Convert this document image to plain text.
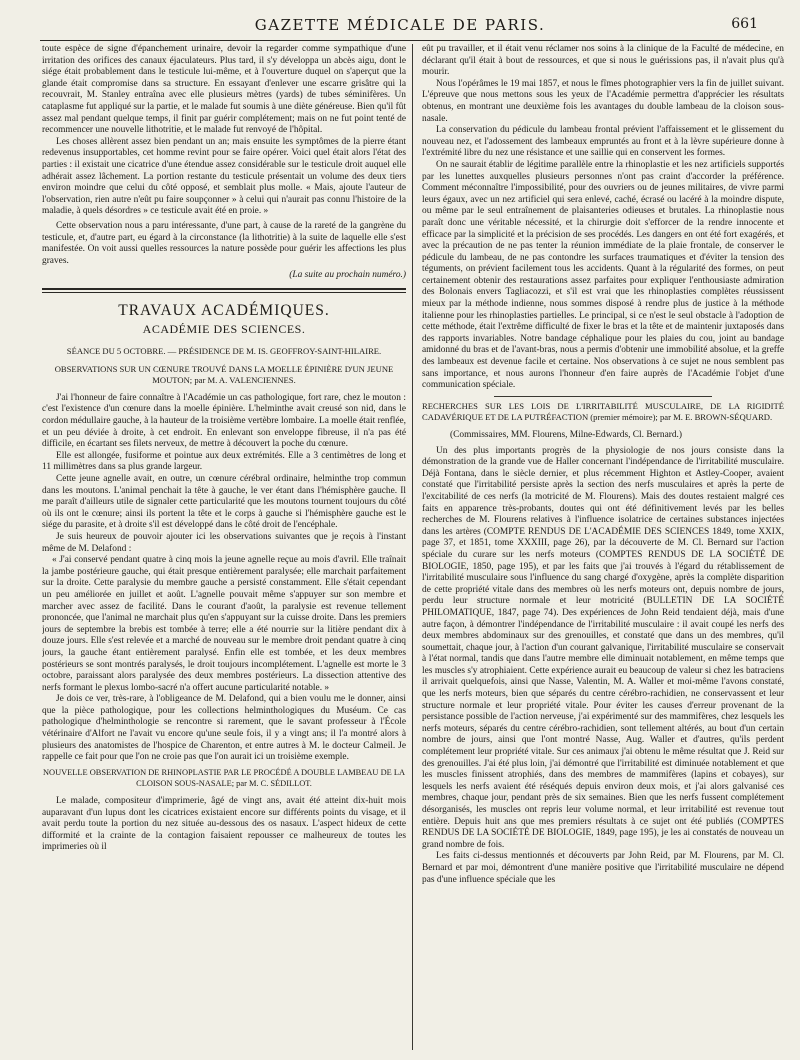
GAZETTE MÉDICALE DE PARIS.	661

toute espèce de signe d'épanchement urinaire, devoir la regarder comme sympathique d'une irritation des orifices des canaux éjaculateurs. Plus tard, il s'y développa un abcès aigu, dont le siége était probablement dans le testicule lui-même, et à l'ouverture duquel on s'aperçut que la glande était compromise dans sa structure. En essayant d'enlever une escarre grisâtre qui la recouvrait, M. Stanley entraîna avec elle plusieurs mètres (yards) de tubes séminifères. Un cataplasme fut appliqué sur la partie, et le malade fut soumis à une diète généreuse. Bien qu'il fût assez mal pendant quelque temps, il finit par guérir complétement; mais on ne fut point tenté de recommencer une nouvelle lithotritie, et le malade fut renvoyé de l'hôpital.

Les choses allèrent assez bien pendant un an; mais ensuite les symptômes de la pierre étant redevenus insupportables, cet homme revint pour se faire opérer. Voici quel était alors l'état des parties : il existait une cicatrice d'une étendue assez considérable sur le testicule droit auquel elle adhérait assez lâchement. La portion restante du testicule présentait un volume des deux tiers environ moindre que celui du côté opposé, et semblait plus molle. « Mais, ajoute l'auteur de l'observation, rien autre n'eût pu faire soupçonner » à celui qui n'aurait pas connu l'histoire de la maladie, à quels désordres » ce testicule avait été en proie. »

Cette observation nous a paru intéressante, d'une part, à cause de la rareté de la gangrène du testicule, et, d'autre part, eu égard à la circonstance (la lithotritie) à la suite de laquelle elle s'est manifestée. On voit aussi quelles ressources la nature possède pour guérir les affections les plus graves.

(La suite au prochain numéro.)
TRAVAUX ACADÉMIQUES.
ACADÉMIE DES SCIENCES.
SÉANCE DU 5 OCTOBRE. — PRÉSIDENCE DE M. IS. GEOFFROY-SAINT-HILAIRE.

OBSERVATIONS SUR UN CŒNURE TROUVÉ DANS LA MOELLE ÉPINIÈRE D'UN JEUNE MOUTON; par M. A. VALENCIENNES.

J'ai l'honneur de faire connaître à l'Académie un cas pathologique, fort rare, chez le mouton : c'est l'existence d'un cœnure dans la moelle épinière. L'helminthe avait creusé son nid, dans le cordon médullaire gauche, à la hauteur de la troisième vertèbre lombaire. La moelle était renflée, et un peu déviée à droite, à cet endroit. En enlevant son enveloppe fibreuse, il n'a pas été difficile, en écartant ses filets nerveux, de mettre à découvert la poche du cœnure.

Elle est allongée, fusiforme et pointue aux deux extrémités. Elle a 3 centimètres de long et 11 millimètres dans sa plus grande largeur.

Cette jeune agnelle avait, en outre, un cœnure cérébral ordinaire, helminthe trop commun dans les moutons. L'animal penchait la tête à gauche, le ver étant dans l'hémisphère gauche. Il me paraît d'ailleurs utile de signaler cette particularité que les moutons tournent toujours du côté où ils ont le cœnure; ainsi ils portent la tête et le corps à gauche si l'hémisphère gauche est le siége du parasite, et à droite s'il est développé dans le côté droit de l'encéphale.

Je suis heureux de pouvoir ajouter ici les observations suivantes que je reçois à l'instant même de M. Delafond :

« J'ai conservé pendant quatre à cinq mois la jeune agnelle reçue au mois d'avril. Elle traînait la jambe postérieure gauche, qui était presque entièrement paralysée; elle marchait parfaitement sur la droite. Cette paralysie du membre gauche a persisté constamment. Elle s'était cependant un peu améliorée en juillet et août. L'agnelle pouvait même s'appuyer sur son membre et marcher avec assez de facilité. Dans le courant d'août, la paralysie est revenue tellement prononcée, que l'animal ne marchait plus qu'en s'appuyant sur la cuisse droite. Dans les premiers jours de septembre la brebis est tombée à terre; elle a été nourrie sur la litière pendant dix à douze jours. Elle s'est relevée et a marché de nouveau sur le membre droit pendant quatre à cinq jours, la gauche étant entièrement paralysé. Enfin elle est tombée, et les deux membres postérieurs se sont montrés paralysés, le droit toujours incomplétement. L'agnelle est morte le 3 octobre, paraissant alors paralysée des deux membres postérieurs. La dissection attentive des nerfs formant le plexus lombo-sacré n'a offert aucune particularité notable. »

Je dois ce ver, très-rare, à l'obligeance de M. Delafond, qui a bien voulu me le donner, ainsi que la pièce pathologique, pour les collections helminthologiques du Muséum. Ce cas pathologique d'helminthologie se rencontre si rarement, que le savant professeur à l'École vétérinaire d'Alfort ne l'avait vu encore qu'une seule fois, il y a vingt ans; il l'a montré alors à plusieurs des anatomistes de l'hospice de Charenton, et entre autres à M. le docteur Calmeil. Je rappelle ce fait pour que l'on ne croie pas que l'on aurait ici un troisième exemple.

NOUVELLE OBSERVATION DE RHINOPLASTIE PAR LE PROCÉDÉ A DOUBLE LAMBEAU DE LA CLOISON SOUS-NASALE; par M. C. SÉDILLOT.

Le malade, compositeur d'imprimerie, âgé de vingt ans, avait été atteint dix-huit mois auparavant d'un lupus dont les cicatrices existaient encore sur différents points du visage, et il avait perdu toute la portion du nez située au-dessous des os nasaux. L'aspect hideux de cette difformité et la crainte de la contagion faisaient repousser ce malheureux de toutes les imprimeries où il

eût pu travailler, et il était venu réclamer nos soins à la clinique de la Faculté de médecine, en déclarant qu'il était à bout de ressources, et que si nous le guérissions pas, il n'avait plus qu'à mourir.

Nous l'opérâmes le 19 mai 1857, et nous le fîmes photographier vers la fin de juillet suivant. L'épreuve que nous mettons sous les yeux de l'Académie permettra d'apprécier les résultats obtenus, en montrant une deuxième fois les avantages du double lambeau de la cloison sous-nasale.

La conservation du pédicule du lambeau frontal prévient l'affaissement et le glissement du nouveau nez, et l'adossement des lambeaux empruntés au front et à la lèvre supérieure donne à l'extrémité libre du nez une résistance et une saillie qui en conservent les formes.

On ne saurait établir de légitime parallèle entre la rhinoplastie et les nez artificiels supportés par les lunettes auxquelles plusieurs personnes n'ont pas craint d'accorder la préférence. Comment méconnaître l'impossibilité, pour des ouvriers ou de jeunes militaires, de vivre parmi leurs égaux, avec un nez artificiel qui sera enlevé, caché, écrasé ou lacéré à la moindre dispute, ou même par le seul entraînement de plaisanteries odieuses et brutales. La rhinoplastie nous paraît donc une véritable nécessité, et la chirurgie doit s'efforcer de la rendre innocente et efficace par la simplicité et la précision de ses procédés. Les dangers en ont été fort exagérés, et avec la précaution de ne pas tenter la réunion immédiate de la plaie frontale, de conserver le pédicule du lambeau, de ne pas contondre les surfaces traumatiques et d'éviter la tension des téguments, on prévient facilement tous les accidents. Quant à la régularité des formes, on peut certainement obtenir des restaurations assez parfaites pour expliquer l'enthousiaste admiration des Bolonais envers Tagliacozzi, et s'il est vrai que les rhinoplasties complètes réussissent mieux par la méthode indienne, nous sommes disposé à rendre plus de justice à la méthode italienne pour les rhinoplasties partielles. Le principal, si ce n'est le seul obstacle à l'adoption de cette méthode, était l'extrême difficulté de fixer le bras et la tête et de maintenir juxtaposés dans des rapports invariables. Notre bandage céphalique pour les plaies du cou, joint au bandage amidonné du bras et de l'avant-bras, nous a permis d'obtenir une immobilité absolue, et la greffe des lambeaux est devenue facile et certaine. Nos observations à ce sujet ne nous semblent pas sans importance, et nous aurons l'honneur d'en faire auprès de l'Académie l'objet d'une communication spéciale.

RECHERCHES SUR LES LOIS DE L'IRRITABILITÉ MUSCULAIRE, DE LA RIGIDITÉ CADAVÉRIQUE ET DE LA PUTRÉFACTION (premier mémoire); par M. E. BROWN-SÉQUARD.

(Commissaires, MM. Flourens, Milne-Edwards, Cl. Bernard.)

Un des plus importants progrès de la physiologie de nos jours consiste dans la démonstration de la grande vue de Haller concernant l'indépendance de l'irritabilité musculaire. Déjà Fontana, dans le siècle dernier, et plus récemment Highton et Astley-Cooper, avaient constaté que l'irritabilité persiste après la section des nerfs musculaires et après la perte de l'excitabilité de ces nerfs (la motricité de M. Flourens). Mais des doutes restaient malgré ces faits en apparence très-probants, doutes qui ont été définitivement levés par les belles recherches de M. Flourens relatives à l'influence isolatrice de certaines substances injectées dans les artères (COMPTE RENDUS DE L'ACADÉMIE DES SCIENCES 1849, tome XXIX, page 37, et 1851, tome XXXIII, page 26), par la découverte de M. Cl. Bernard sur l'action spéciale du curare sur les nerfs moteurs (COMPTES RENDUS DE LA SOCIÉTÉ DE BIOLOGIE, 1850, page 195), et par les faits que j'ai trouvés à l'égard du rétablissement de l'irritabilité musculaire sous l'influence du sang chargé d'oxygène, après la complète disparition de cette propriété vitale dans des membres où les nerfs moteurs ont, depuis nombre de jours, perdu leur structure normale et leur motricité (BULLETIN DE LA SOCIÉTÉ PHILOMATIQUE, 1847, page 74). Des expériences de John Reid tendaient déjà, mais d'une autre façon, à démontrer l'indépendance de l'irritabilité musculaire : il avait coupé les nerfs des deux membres abdominaux sur des grenouilles, et constaté que dans un des membres, qu'il soumettait, chaque jour, à l'action d'un courant galvanique, l'irritabilité musculaire se conservait à l'état normal, tandis que dans l'autre membre elle diminuait notablement, en même temps que les muscles s'y atrophiaient. Cette expérience aurait eu beaucoup de valeur si chez les batraciens il arrivait quelquefois, ainsi que Nasse, Valentin, M. A. Waller et moi-même l'avons constaté, que les nerfs moteurs, bien que séparés du centre cérébro-rachidien, ne conservassent et leur structure normale et leur propriété vitale. Pour éviter les causes d'erreur provenant de la persistance possible de l'action nerveuse, j'ai expérimenté sur des mammifères, chez lesquels les nerfs moteurs, séparés du centre cérébro-rachidien, sont tellement altérés, au bout d'un certain nombre de jours, ainsi que l'ont montré Nasse, Aug. Waller et d'autres, qu'ils perdent complétement leur propriété vitale. Sur ces animaux j'ai obtenu le même résultat que J. Reid sur des grenouilles. J'ai été plus loin, j'ai démontré que l'irritabilité est diminuée notablement et que les muscles finissent atrophiés, dans des membres de mammifères (lapins et cobayes), sur lesquels les nerfs avaient été réséqués depuis environ deux mois, et j'ai alors galvanisé ces membres, chaque jour, pendant près de six semaines. Bien que les nerfs fussent complétement désorganisés, les muscles ont repris leur volume normal, et leur irritabilité est revenue tout entière. Depuis huit ans que mes premiers résultats à ce sujet ont été publiés (COMPTES RENDUS DE LA SOCIÉTÉ DE BIOLOGIE, 1849, page 195), je les ai constatés de nouveau un grand nombre de fois.

Les faits ci-dessus mentionnés et découverts par John Reid, par M. Flourens, par M. Cl. Bernard et par moi, démontrent d'une manière positive que l'irritabilité musculaire ne dépend pas d'une influence spéciale que les
